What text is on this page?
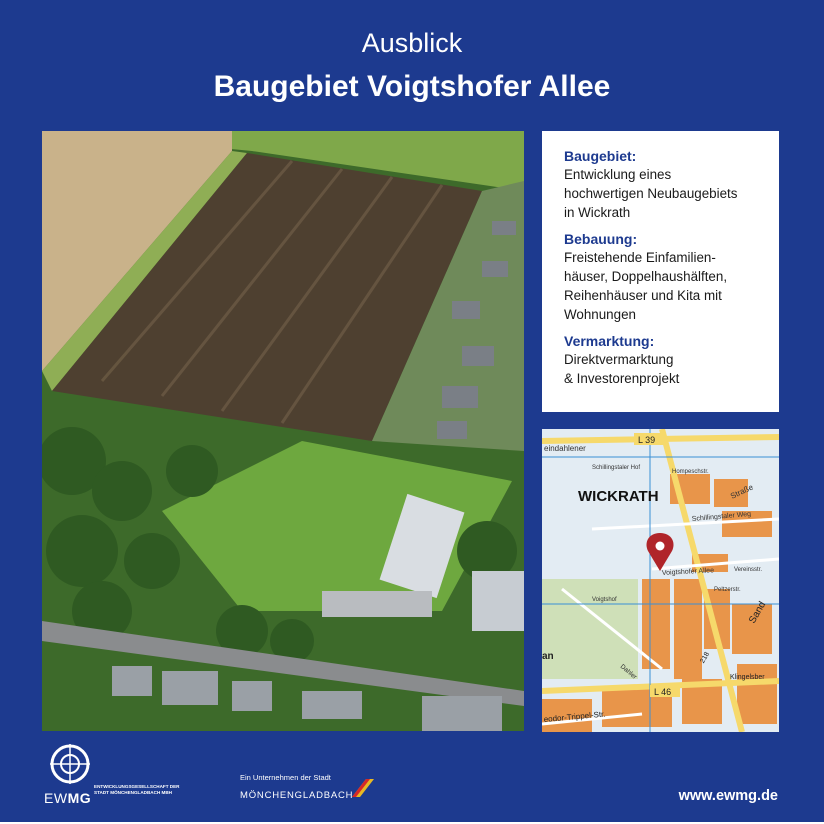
Ausblick
Baugebiet Voigtshofer Allee
Baugebiet:
Entwicklung eines
hochwertigen Neubaugebiets
in Wickrath
Bebauung:
Freistehende Einfamilien-
häuser, Doppelhaushälften,
Reihenhäuser und Kita mit
Wohnungen
Vermarktung:
Direktvermarktung
& Investorenprojekt
L 39
L 46
218
eindahlener
Schillingstaler Hof
Hompeschstr.
WICKRATH	Straße
Schillingstaler Weg
Voigtshofer Allee
Voigtshof
Vereinsstr.
Peltzerstr.
Sand
Dahler
eodor-Trippel-Str.
Klingelsber
an
EWMG
ENTWICKLUNGSGESELLSCHAFT DER
STADT MÖNCHENGLADBACH MBH
Ein Unternehmen der Stadt
MÖNCHENGLADBACH	www.ewmg.de
